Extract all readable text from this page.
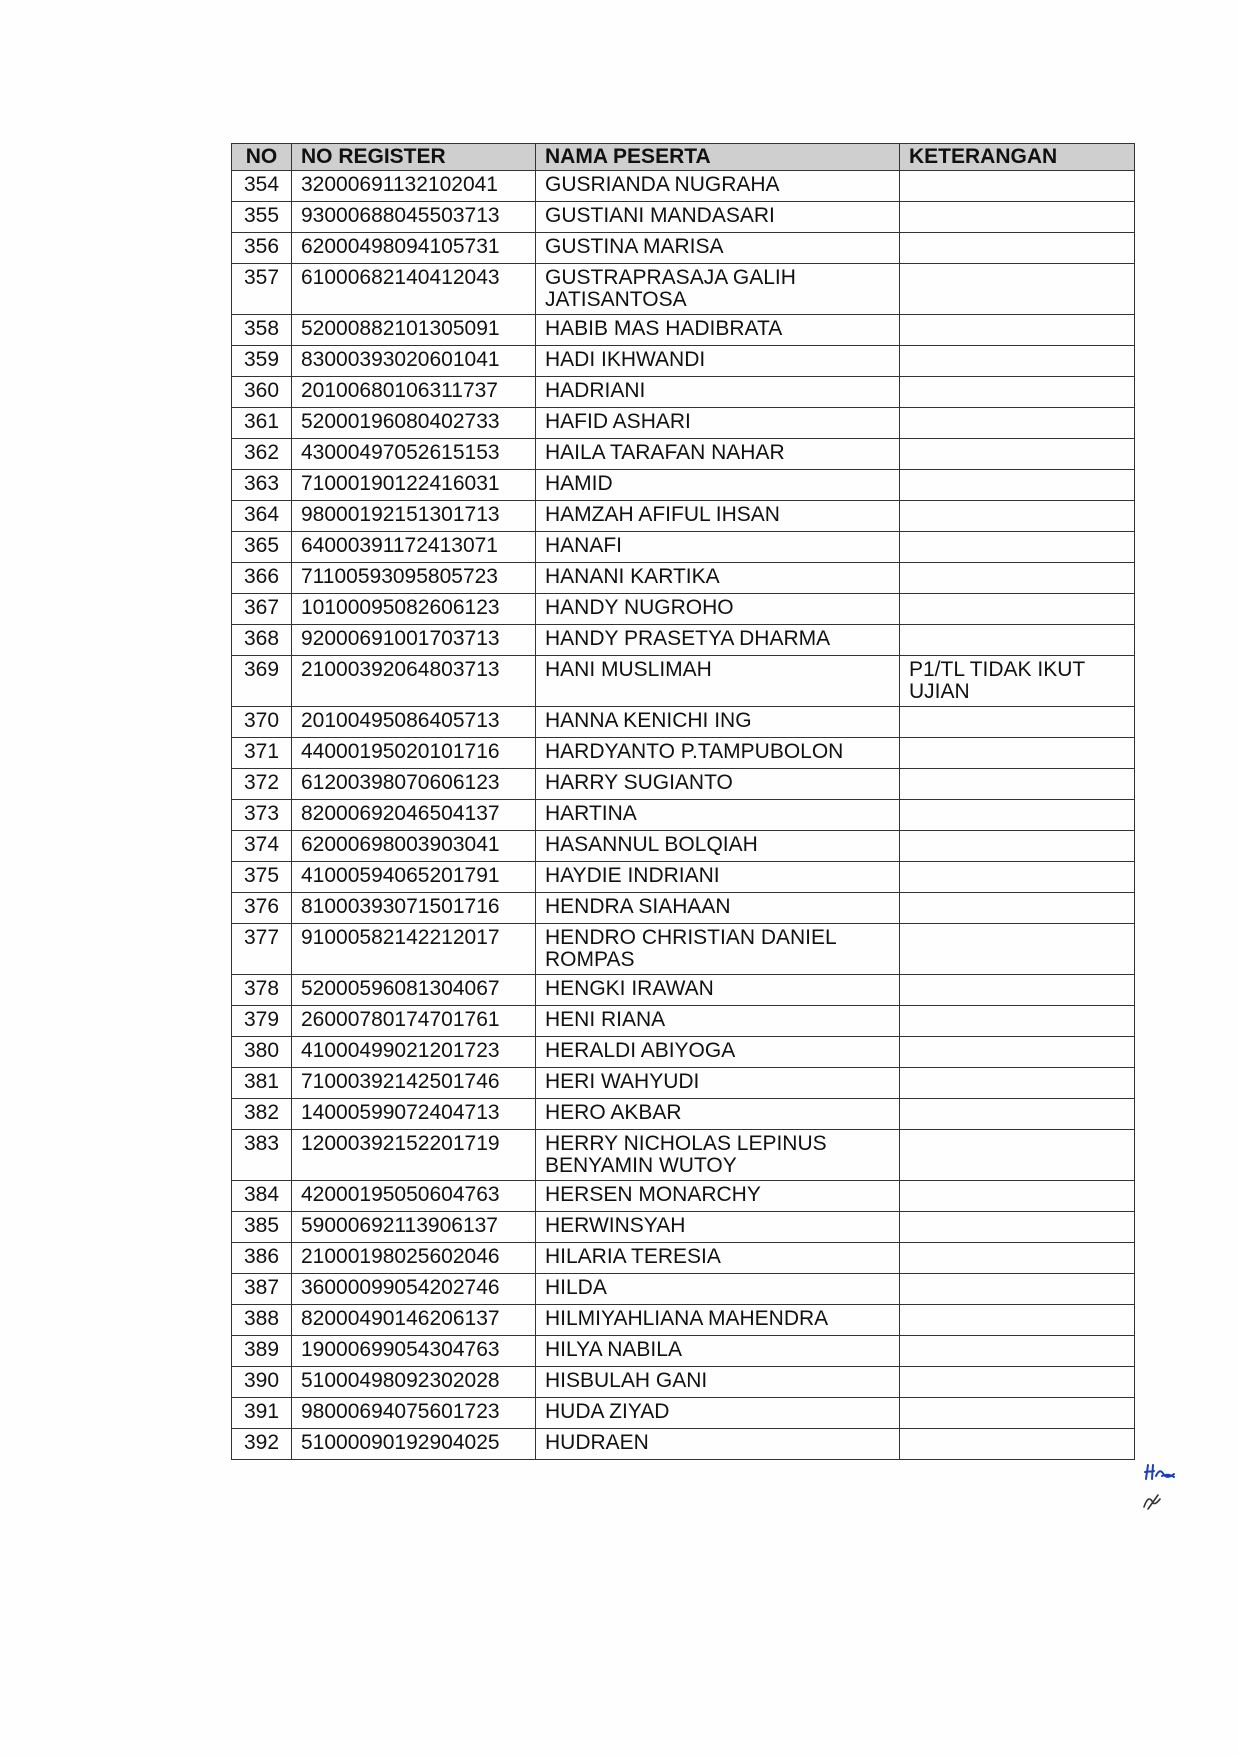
NO	NO REGISTER	NAMA PESERTA	KETERANGAN
354	32000691132102041	GUSRIANDA NUGRAHA	
355	93000688045503713	GUSTIANI MANDASARI	
356	62000498094105731	GUSTINA MARISA	
357	61000682140412043	GUSTRAPRASAJA GALIH JATISANTOSA	
358	52000882101305091	HABIB MAS HADIBRATA	
359	83000393020601041	HADI IKHWANDI	
360	20100680106311737	HADRIANI	
361	52000196080402733	HAFID ASHARI	
362	43000497052615153	HAILA TARAFAN NAHAR	
363	71000190122416031	HAMID	
364	98000192151301713	HAMZAH AFIFUL IHSAN	
365	64000391172413071	HANAFI	
366	71100593095805723	HANANI KARTIKA	
367	10100095082606123	HANDY NUGROHO	
368	92000691001703713	HANDY PRASETYA DHARMA	
369	21000392064803713	HANI MUSLIMAH	P1/TL TIDAK IKUT UJIAN
370	20100495086405713	HANNA KENICHI ING	
371	44000195020101716	HARDYANTO P.TAMPUBOLON	
372	61200398070606123	HARRY SUGIANTO	
373	82000692046504137	HARTINA	
374	62000698003903041	HASANNUL BOLQIAH	
375	41000594065201791	HAYDIE INDRIANI	
376	81000393071501716	HENDRA SIAHAAN	
377	91000582142212017	HENDRO CHRISTIAN DANIEL ROMPAS	
378	52000596081304067	HENGKI IRAWAN	
379	26000780174701761	HENI RIANA	
380	41000499021201723	HERALDI ABIYOGA	
381	71000392142501746	HERI WAHYUDI	
382	14000599072404713	HERO AKBAR	
383	12000392152201719	HERRY NICHOLAS LEPINUS BENYAMIN WUTOY	
384	42000195050604763	HERSEN MONARCHY	
385	59000692113906137	HERWINSYAH	
386	21000198025602046	HILARIA TERESIA	
387	36000099054202746	HILDA	
388	82000490146206137	HILMIYAHLIANA MAHENDRA	
389	19000699054304763	HILYA NABILA	
390	51000498092302028	HISBULAH GANI	
391	98000694075601723	HUDA ZIYAD	
392	51000090192904025	HUDRAEN	
